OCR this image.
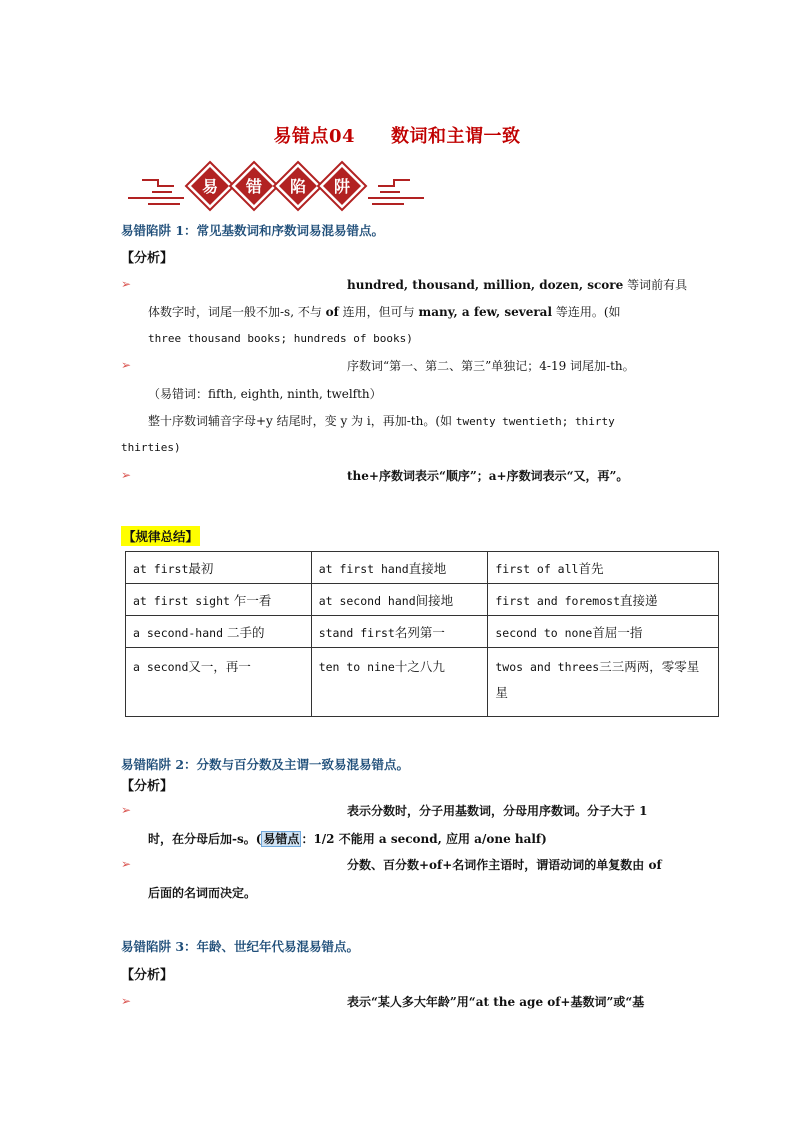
易错点04 数词和主谓一致
易 错 陷 阱
易错陷阱 1：常见基数词和序数词易混易错点。
【分析】
➢	hundred, thousand, million, dozen, score 等词前有具
体数字时，词尾一般不加-s, 不与 of 连用，但可与 many, a few, several 等连用。(如
three thousand books; hundreds of books)
➢	序数词“第一、第二、第三”单独记；4-19 词尾加-th。
（易错词：fifth, eighth, ninth, twelfth）
整十序数词辅音字母+y 结尾时，变 y 为 i，再加-th。(如 twenty twentieth; thirty
thirties)
➢	the+序数词表示“顺序”；a+序数词表示“又，再”。
【规律总结】
at first最初	at first hand直接地	first of all首先
at first sight 乍一看	at second hand间接地	first and foremost直接递
a second-hand 二手的	stand first名列第一	second to none首屈一指
a second又一，再一	ten to nine十之八九	twos and threes三三两两，零零星星
易错陷阱 2：分数与百分数及主谓一致易混易错点。
【分析】
➢	表示分数时，分子用基数词，分母用序数词。分子大于 1
时，在分母后加-s。( 易错点 ：1/2 不能用 a second, 应用 a/one half)
➢	分数、百分数+of+名词作主语时，谓语动词的单复数由 of
后面的名词而决定。
易错陷阱 3：年龄、世纪年代易混易错点。
【分析】
➢	表示“某人多大年龄”用“at the age of+基数词”或“基
